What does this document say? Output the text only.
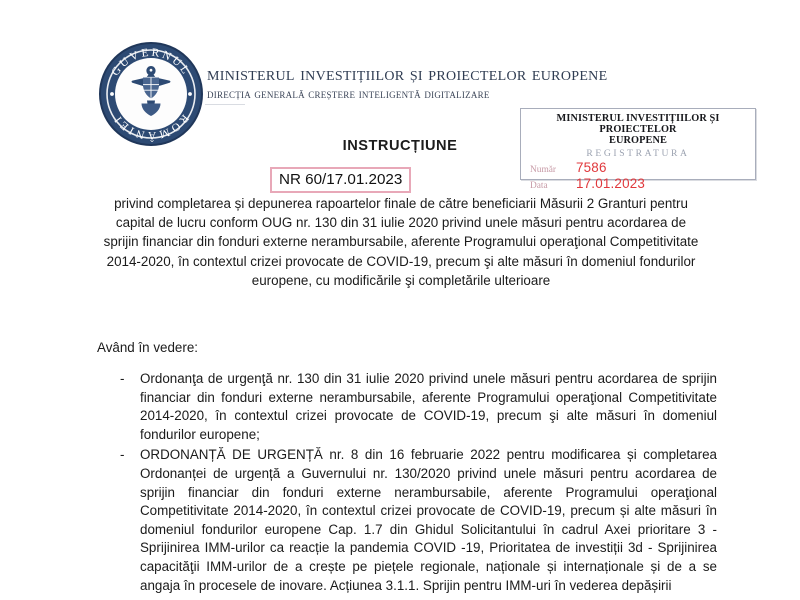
GUVERNUL
ROMÂNIEI
ministerul investițiilor și proiectelor europene
direcția generală creștere inteligentă digitalizare
MINISTERUL INVESTIȚIILOR ȘI PROIECTELOR
EUROPENE
REGISTRATURA
Număr	7586
Data	17.01.2023
INSTRUCȚIUNE
NR 60/17.01.2023
privind completarea și depunerea rapoartelor finale de către beneficiarii Măsurii 2 Granturi pentru capital de lucru conform OUG nr. 130 din 31 iulie 2020 privind unele măsuri pentru acordarea de sprijin financiar din fonduri externe nerambursabile, aferente Programului operaţional Competitivitate 2014-2020, în contextul crizei provocate de COVID-19, precum şi alte măsuri în domeniul fondurilor europene, cu modificările şi completările ulterioare
Având în vedere:
- Ordonanţa de urgenţă nr. 130 din 31 iulie 2020 privind unele măsuri pentru acordarea de sprijin financiar din fonduri externe nerambursabile, aferente Programului operaţional Competitivitate 2014-2020, în contextul crizei provocate de COVID-19, precum şi alte măsuri în domeniul fondurilor europene;
- ORDONANȚĂ DE URGENȚĂ nr. 8 din 16 februarie 2022 pentru modificarea și completarea Ordonanței de urgență a Guvernului nr. 130/2020 privind unele măsuri pentru acordarea de sprijin financiar din fonduri externe nerambursabile, aferente Programului operaţional Competitivitate 2014-2020, în contextul crizei provocate de COVID-19, precum și alte măsuri în domeniul fondurilor europene Cap. 1.7 din Ghidul Solicitantului în cadrul Axei prioritare 3 - Sprijinirea IMM-urilor ca reacție la pandemia COVID -19, Prioritatea de investiții 3d - Sprijinirea capacităţii IMM-urilor de a crește pe piețele regionale, naționale și internaționale și de a se angaja în procesele de inovare. Acțiunea 3.1.1. Sprijin pentru IMM-uri în vederea depășirii
